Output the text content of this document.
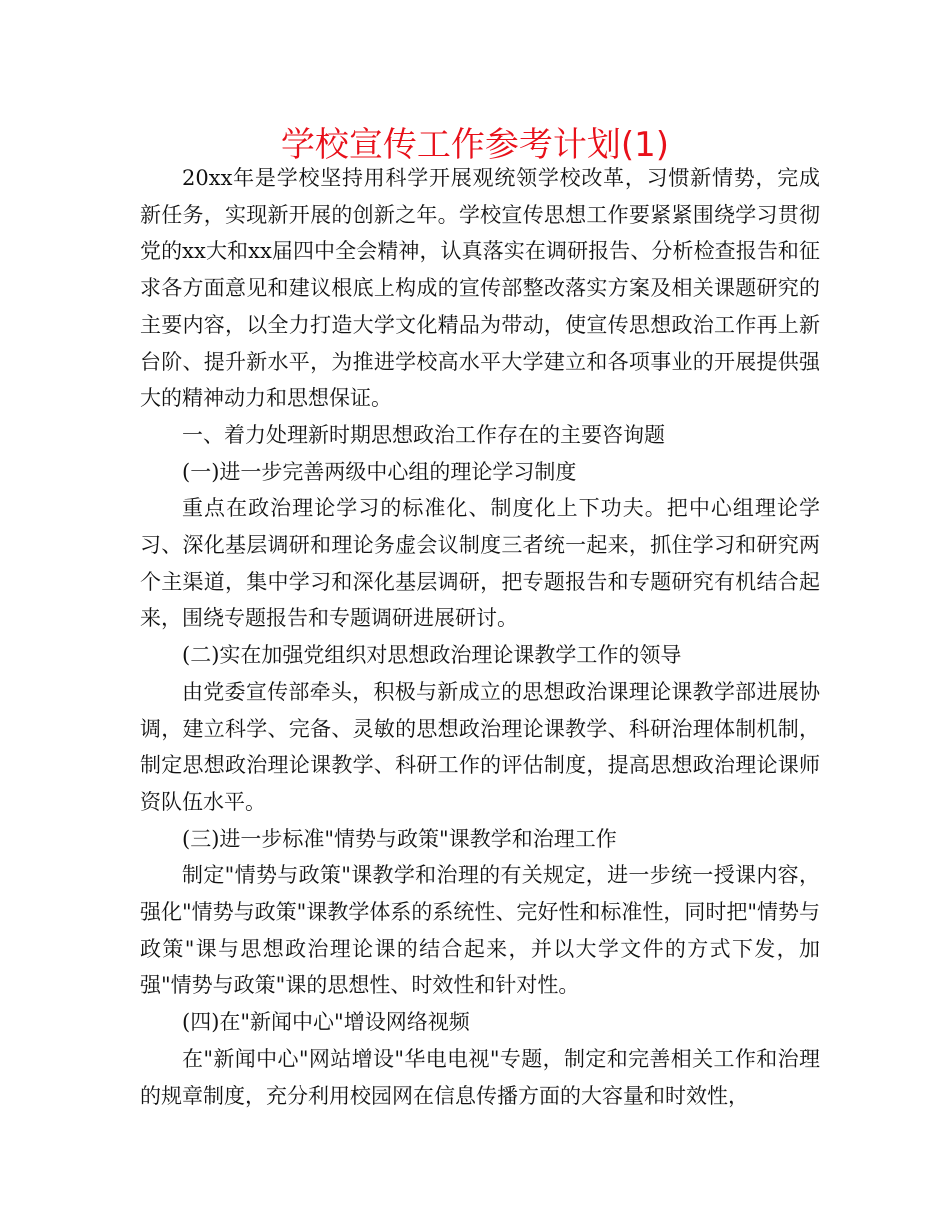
学校宣传工作参考计划(1)

20xx年是学校坚持用科学开展观统领学校改革，习惯新情势，完成新任务，实现新开展的创新之年。学校宣传思想工作要紧紧围绕学习贯彻党的xx大和xx届四中全会精神，认真落实在调研报告、分析检查报告和征求各方面意见和建议根底上构成的宣传部整改落实方案及相关课题研究的主要内容，以全力打造大学文化精品为带动，使宣传思想政治工作再上新台阶、提升新水平，为推进学校高水平大学建立和各项事业的开展提供强大的精神动力和思想保证。

一、着力处理新时期思想政治工作存在的主要咨询题

(一)进一步完善两级中心组的理论学习制度

重点在政治理论学习的标准化、制度化上下功夫。把中心组理论学习、深化基层调研和理论务虚会议制度三者统一起来，抓住学习和研究两个主渠道，集中学习和深化基层调研，把专题报告和专题研究有机结合起来，围绕专题报告和专题调研进展研讨。

(二)实在加强党组织对思想政治理论课教学工作的领导

由党委宣传部牵头，积极与新成立的思想政治课理论课教学部进展协调，建立科学、完备、灵敏的思想政治理论课教学、科研治理体制机制，制定思想政治理论课教学、科研工作的评估制度，提高思想政治理论课师资队伍水平。

(三)进一步标准"情势与政策"课教学和治理工作

制定"情势与政策"课教学和治理的有关规定，进一步统一授课内容，强化"情势与政策"课教学体系的系统性、完好性和标准性，同时把"情势与政策"课与思想政治理论课的结合起来，并以大学文件的方式下发，加强"情势与政策"课的思想性、时效性和针对性。

(四)在"新闻中心"增设网络视频

在"新闻中心"网站增设"华电电视"专题，制定和完善相关工作和治理的规章制度，充分利用校园网在信息传播方面的大容量和时效性，
